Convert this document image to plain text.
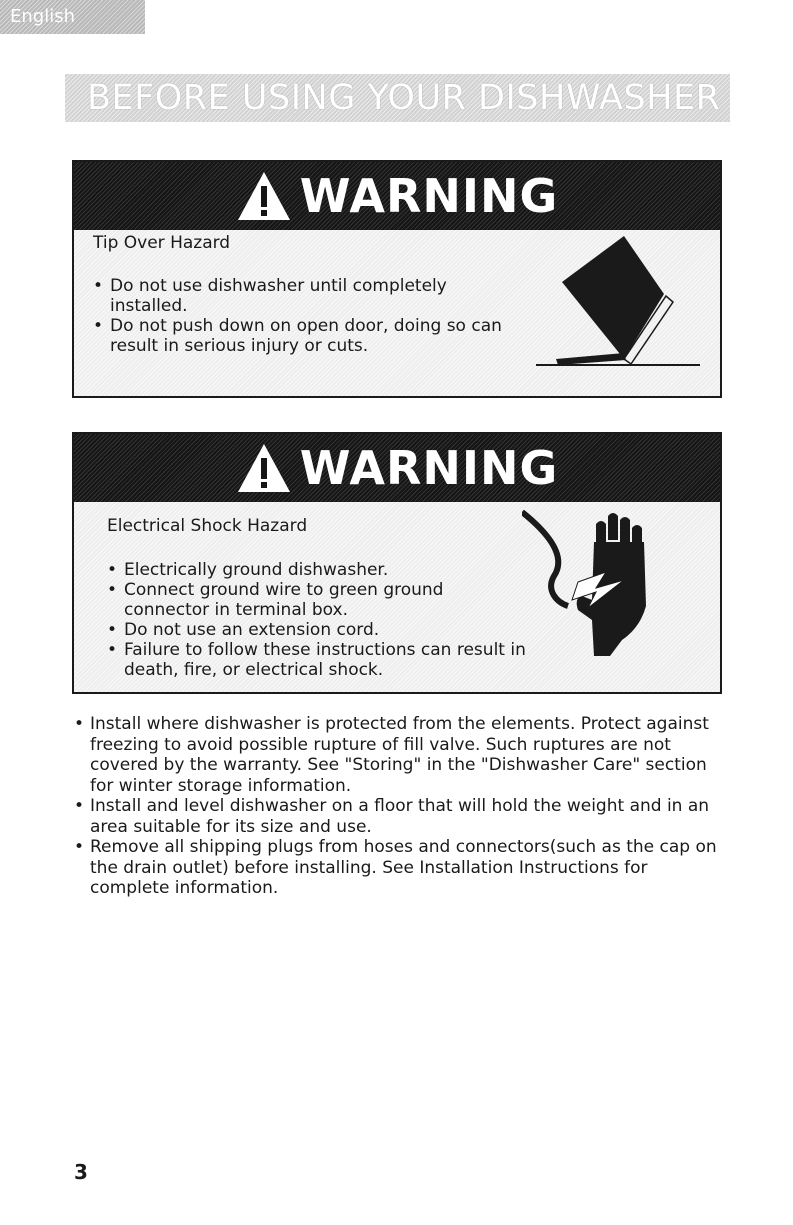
English
BEFORE USING YOUR DISHWASHER
WARNING
Tip Over Hazard
• Do not use dishwasher until completely installed.
• Do not push down on open door, doing so can result in serious injury or cuts.
WARNING
Electrical Shock Hazard
• Electrically ground dishwasher.
• Connect ground wire to green ground connector in terminal box.
• Do not use an extension cord.
• Failure to follow these instructions can result in death, fire, or electrical shock.
• Install where dishwasher is protected from the elements. Protect against freezing to avoid possible rupture of fill valve. Such ruptures are not covered by the warranty. See "Storing" in the "Dishwasher Care" section for winter storage information.
• Install and level dishwasher on a floor that will hold the weight and in an area suitable for its size and use.
• Remove all shipping plugs from hoses and connectors(such as the cap on the drain outlet) before installing. See Installation Instructions for complete information.
3
